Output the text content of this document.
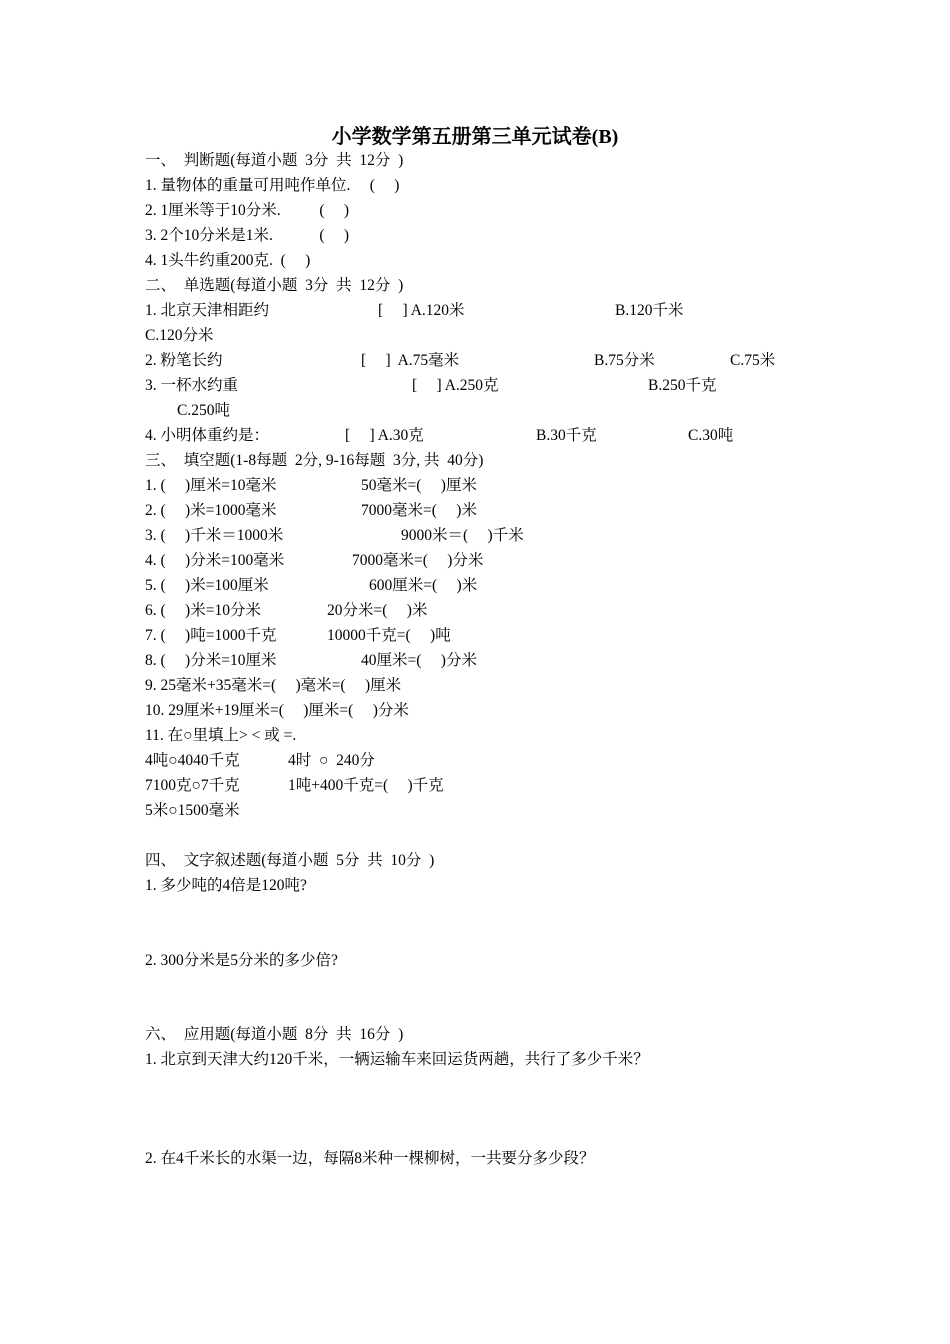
小学数学第五册第三单元试卷(B)
一、  判断题(每道小题  3分  共  12分  )
1. 量物体的重量可用吨作单位.     (     )
2. 1厘米等于10分米.          (     )
3. 2个10分米是1米.            (     )
4. 1头牛约重200克.  (     )
二、  单选题(每道小题  3分  共  12分  )

1. 北京天津相距约

	[     ] A.120米

	B.120千米

C.120分米

2. 粉笔长约

	[     ]  A.75毫米

	B.75分米

	C.75米

3. 一杯水约重

	[     ] A.250克

	B.250千克

C.250吨

4. 小明体重约是：

	[     ] A.30克

	B.30千克

	C.30吨

三、  填空题(1-8每题  2分, 9-16每题  3分, 共  40分)

1. (     )厘米=10毫米

	50毫米=(     )厘米

2. (     )米=1000毫米

	7000毫米=(     )米

3. (     )千米＝1000米

	9000米＝(     )千米

4. (     )分米=100毫米

	7000毫米=(     )分米

5. (     )米=100厘米

	600厘米=(     )米

6. (     )米=10分米

	20分米=(     )米

7. (     )吨=1000千克

	10000千克=(     )吨

8. (     )分米=10厘米

	40厘米=(     )分米

9. 25毫米+35毫米=(     )毫米=(     )厘米
10. 29厘米+19厘米=(     )厘米=(     )分米
11. 在○里填上> < 或 =.

4吨○4040千克

	4时  ○  240分

7100克○7千克

	1吨+400千克=(     )千克

5米○1500毫米
四、  文字叙述题(每道小题  5分  共  10分  )
1. 多少吨的4倍是120吨?
2. 300分米是5分米的多少倍?
六、  应用题(每道小题  8分  共  16分  )
1. 北京到天津大约120千米，一辆运输车来回运货两趟，共行了多少千米？
2. 在4千米长的水渠一边，每隔8米种一棵柳树，一共要分多少段？
